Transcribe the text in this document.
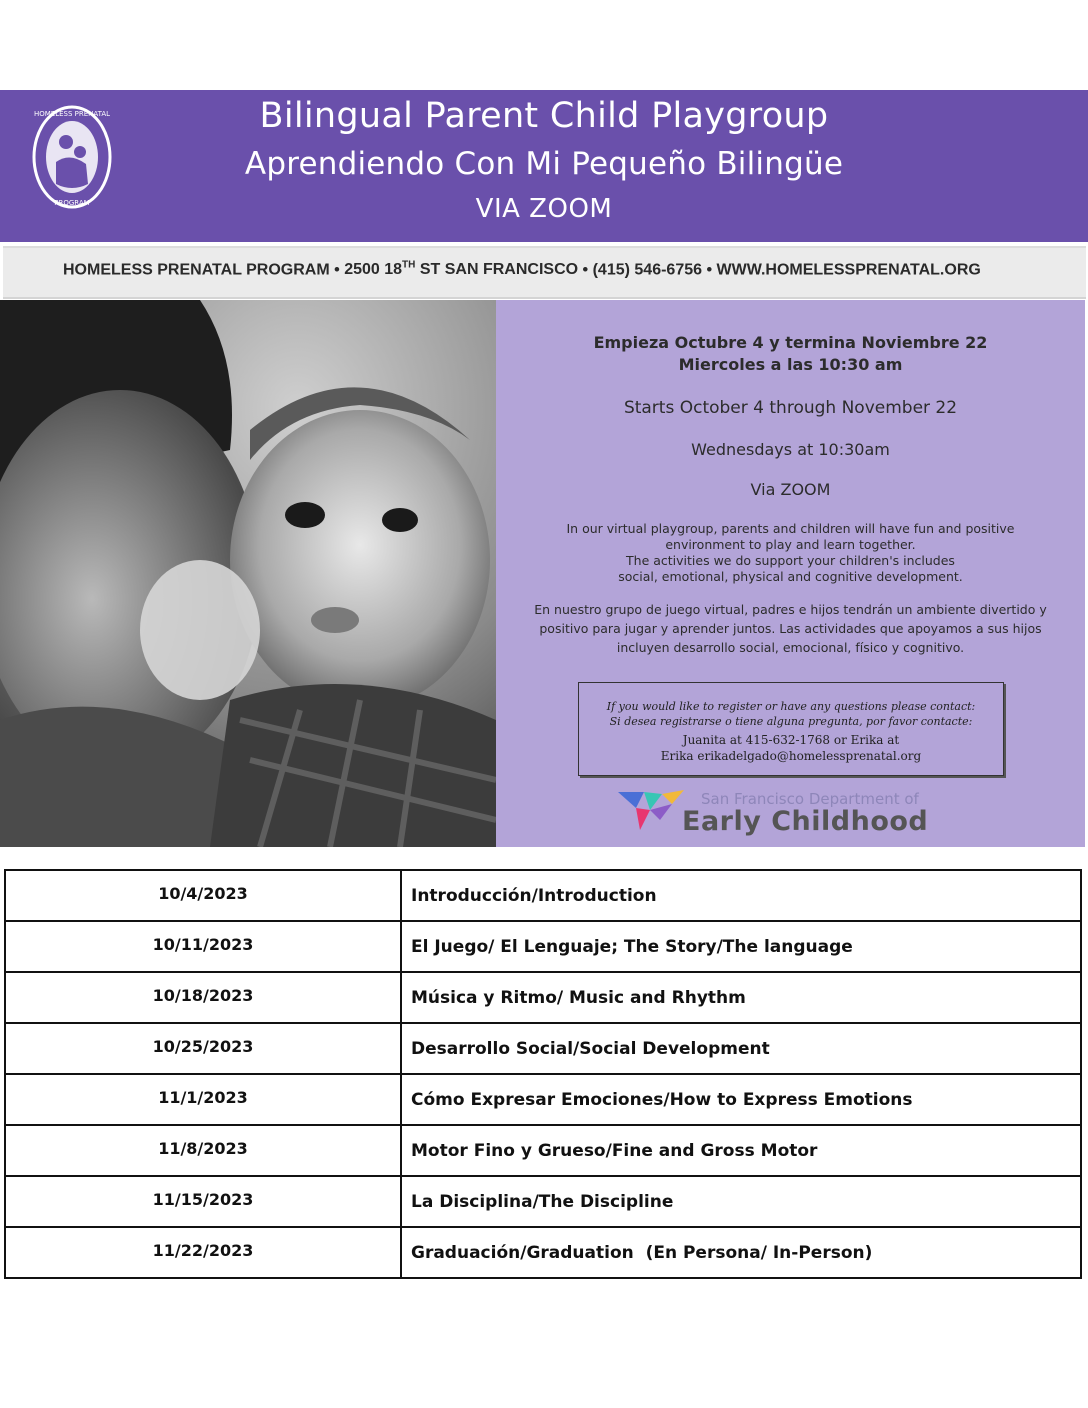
HOMELESS PRENATAL
PROGRAM
Bilingual Parent Child Playgroup
Aprendiendo Con Mi Pequeño Bilingüe
VIA ZOOM
HOMELESS PRENATAL PROGRAM • 2500 18TH ST SAN FRANCISCO • (415) 546-6756 • WWW.HOMELESSPRENATAL.ORG
Empieza Octubre 4 y termina Noviembre 22
Miercoles a las 10:30 am
Starts October 4 through November 22
Wednesdays at 10:30am
Via ZOOM
In our virtual playgroup, parents and children will have fun and positive
environment to play and learn together.
The activities we do support your children's includes
social, emotional, physical and cognitive development.
En nuestro grupo de juego virtual, padres e hijos tendrán un ambiente divertido y
positivo para jugar y aprender juntos. Las actividades que apoyamos a sus hijos
incluyen desarrollo social, emocional, físico y cognitivo.
If you would like to register or have any questions please contact:
Si desea registrarse o tiene alguna pregunta, por favor contacte:
Juanita at 415-632-1768 or Erika at
Erika erikadelgado@homelessprenatal.org
San Francisco Department of
Early Childhood
10/4/2023	Introducción/Introduction
10/11/2023	El Juego/ El Lenguaje; The Story/The language
10/18/2023	Música y Ritmo/ Music and Rhythm
10/25/2023	Desarrollo Social/Social Development
11/1/2023	Cómo Expresar Emociones/How to Express Emotions
11/8/2023	Motor Fino y Grueso/Fine and Gross Motor
11/15/2023	La Disciplina/The Discipline
11/22/2023	Graduación/Graduation  (En Persona/ In-Person)
